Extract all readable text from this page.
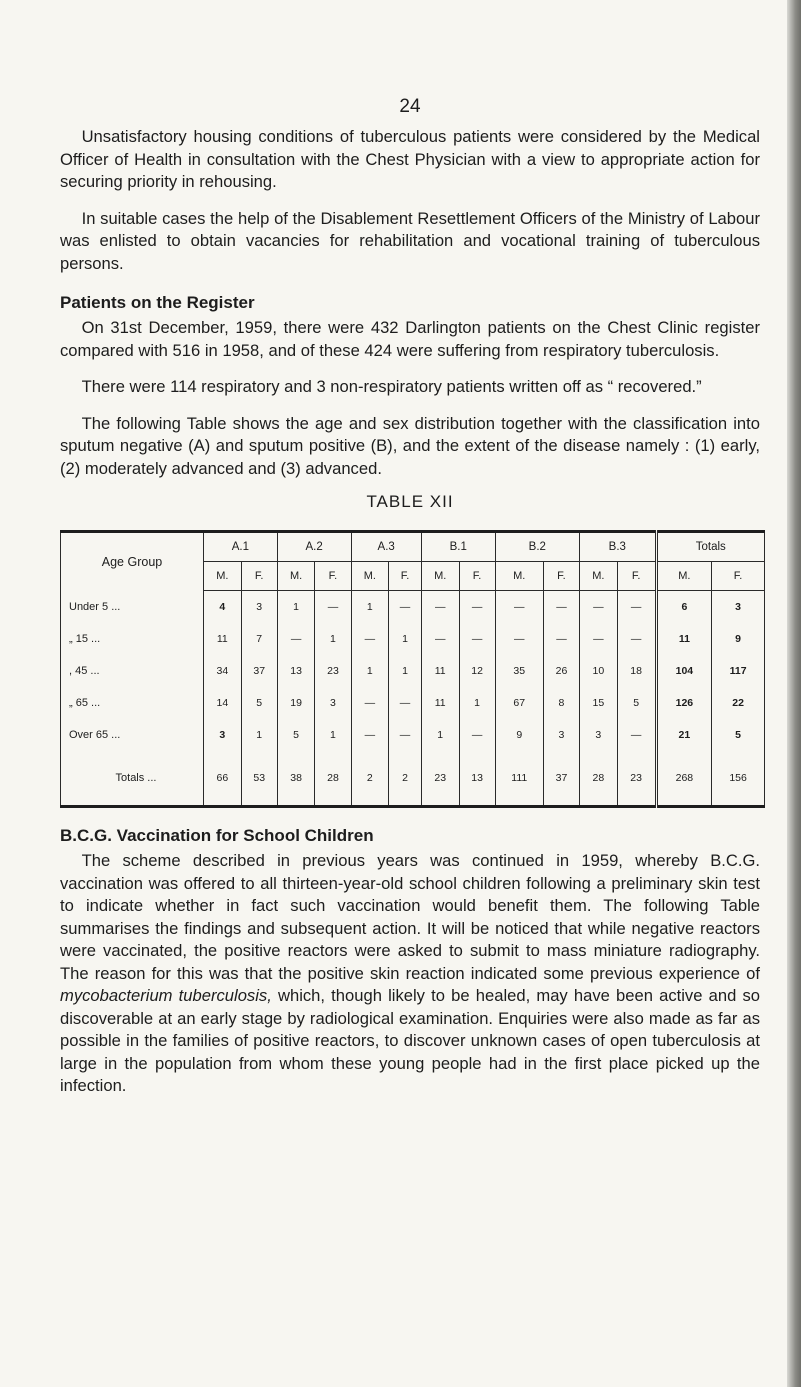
24

Unsatisfactory housing conditions of tuberculous patients were considered by the Medical Officer of Health in consultation with the Chest Physician with a view to appropriate action for securing priority in rehousing.

In suitable cases the help of the Disablement Resettlement Officers of the Ministry of Labour was enlisted to obtain vacancies for rehabilitation and vocational training of tuberculous persons.

Patients on the Register

On 31st December, 1959, there were 432 Darlington patients on the Chest Clinic register compared with 516 in 1958, and of these 424 were suffering from respiratory tuberculosis.

There were 114 respiratory and 3 non-respiratory patients written off as “ recovered.”

The following Table shows the age and sex distribution together with the classification into sputum negative (A) and sputum positive (B), and the extent of the disease namely : (1) early, (2) moderately advanced and (3) advanced.

TABLE XII
Age Group	A.1		A.2		A.3		B.1		B.2		B.3		Totals	
	M.	F.	M.	F.	M.	F.	M.	F.	M.	F.	M.	F.	M.	F.
Under 5 ...	4	3	1	—	1	—	—	—	—	—	—	—	6	3
„ 15 ...	11	7	—	1	—	1	—	—	—	—	—	—	11	9
, 45 ...	34	37	13	23	1	1	11	12	35	26	10	18	104	117
„ 65 ...	14	5	19	3	—	—	11	1	67	8	15	5	126	22
Over 65 ...	3	1	5	1	—	—	1	—	9	3	3	—	21	5
Totals ...	66	53	38	28	2	2	23	13	111	37	28	23	268	156
B.C.G. Vaccination for School Children

The scheme described in previous years was continued in 1959, whereby B.C.G. vaccination was offered to all thirteen-year-old school children following a preliminary skin test to indicate whether in fact such vaccination would benefit them. The following Table summarises the findings and subsequent action. It will be noticed that while negative reactors were vaccinated, the positive reactors were asked to submit to mass miniature radiography. The reason for this was that the positive skin reaction indicated some previous experience of mycobacterium tuberculosis, which, though likely to be healed, may have been active and so discoverable at an early stage by radiological examination. Enquiries were also made as far as possible in the families of positive reactors, to discover unknown cases of open tuberculosis at large in the population from whom these young people had in the first place picked up the infection.
